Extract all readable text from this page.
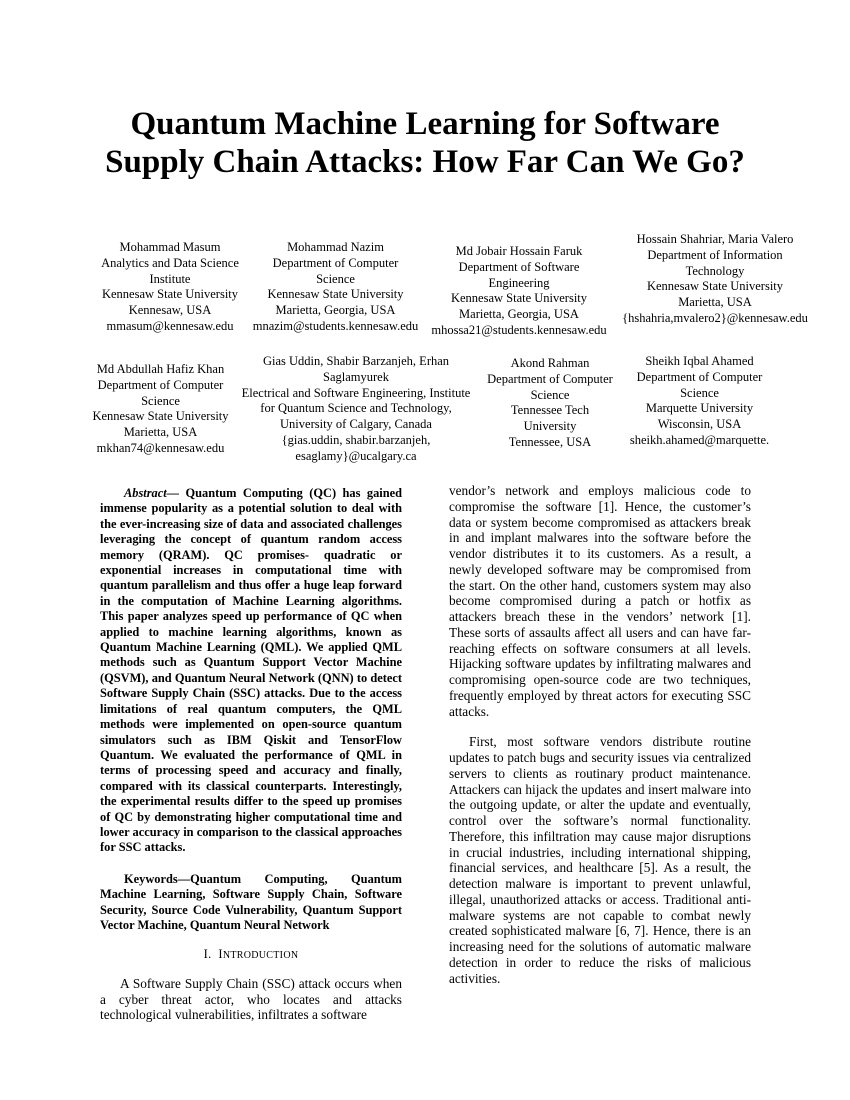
Quantum Machine Learning for Software Supply Chain Attacks: How Far Can We Go?
Mohammad Masum
Analytics and Data Science
Institute
Kennesaw State University
Kennesaw, USA
mmasum@kennesaw.edu
Mohammad Nazim
Department of Computer
Science
Kennesaw State University
Marietta, Georgia, USA
mnazim@students.kennesaw.edu
Md Jobair Hossain Faruk
Department of Software
Engineering
Kennesaw State University
Marietta, Georgia, USA
mhossa21@students.kennesaw.edu
Hossain Shahriar, Maria Valero
Department of Information
Technology
Kennesaw State University
Marietta, USA
{hshahria,mvalero2}@kennesaw.edu
Md Abdullah Hafiz Khan
Department of Computer
Science
Kennesaw State University
Marietta, USA
mkhan74@kennesaw.edu
Gias Uddin, Shabir Barzanjeh, Erhan Saglamyurek
Electrical and Software Engineering, Institute for Quantum Science and Technology,
University of Calgary, Canada
{gias.uddin, shabir.barzanjeh, esaglamy}@ucalgary.ca
Akond Rahman
Department of Computer
Science
Tennessee Tech
University
Tennessee, USA
Sheikh Iqbal Ahamed
Department of Computer
Science
Marquette University
Wisconsin, USA
sheikh.ahamed@marquette.

Abstract— Quantum Computing (QC) has gained immense popularity as a potential solution to deal with the ever-increasing size of data and associated challenges leveraging the concept of quantum random access memory (QRAM). QC promises- quadratic or exponential increases in computational time with quantum parallelism and thus offer a huge leap forward in the computation of Machine Learning algorithms. This paper analyzes speed up performance of QC when applied to machine learning algorithms, known as Quantum Machine Learning (QML). We applied QML methods such as Quantum Support Vector Machine (QSVM), and Quantum Neural Network (QNN) to detect Software Supply Chain (SSC) attacks. Due to the access limitations of real quantum computers, the QML methods were implemented on open-source quantum simulators such as IBM Qiskit and TensorFlow Quantum. We evaluated the performance of QML in terms of processing speed and accuracy and finally, compared with its classical counterparts. Interestingly, the experimental results differ to the speed up promises of QC by demonstrating higher computational time and lower accuracy in comparison to the classical approaches for SSC attacks.

Keywords—Quantum Computing, Quantum Machine Learning, Software Supply Chain, Software Security, Source Code Vulnerability, Quantum Support Vector Machine, Quantum Neural Network

I. INTRODUCTION

A Software Supply Chain (SSC) attack occurs when a cyber threat actor, who locates and attacks technological vulnerabilities, infiltrates a software

vendor’s network and employs malicious code to compromise the software [1]. Hence, the customer’s data or system become compromised as attackers break in and implant malwares into the software before the vendor distributes it to its customers. As a result, a newly developed software may be compromised from the start. On the other hand, customers system may also become compromised during a patch or hotfix as attackers breach these in the vendors’ network [1]. These sorts of assaults affect all users and can have far-reaching effects on software consumers at all levels. Hijacking software updates by infiltrating malwares and compromising open-source code are two techniques, frequently employed by threat actors for executing SSC attacks.

First, most software vendors distribute routine updates to patch bugs and security issues via centralized servers to clients as routinary product maintenance. Attackers can hijack the updates and insert malware into the outgoing update, or alter the update and eventually, control over the software’s normal functionality. Therefore, this infiltration may cause major disruptions in crucial industries, including international shipping, financial services, and healthcare [5]. As a result, the detection malware is important to prevent unlawful, illegal, unauthorized attacks or access. Traditional anti-malware systems are not capable to combat newly created sophisticated malware [6, 7]. Hence, there is an increasing need for the solutions of automatic malware detection in order to reduce the risks of malicious activities.
